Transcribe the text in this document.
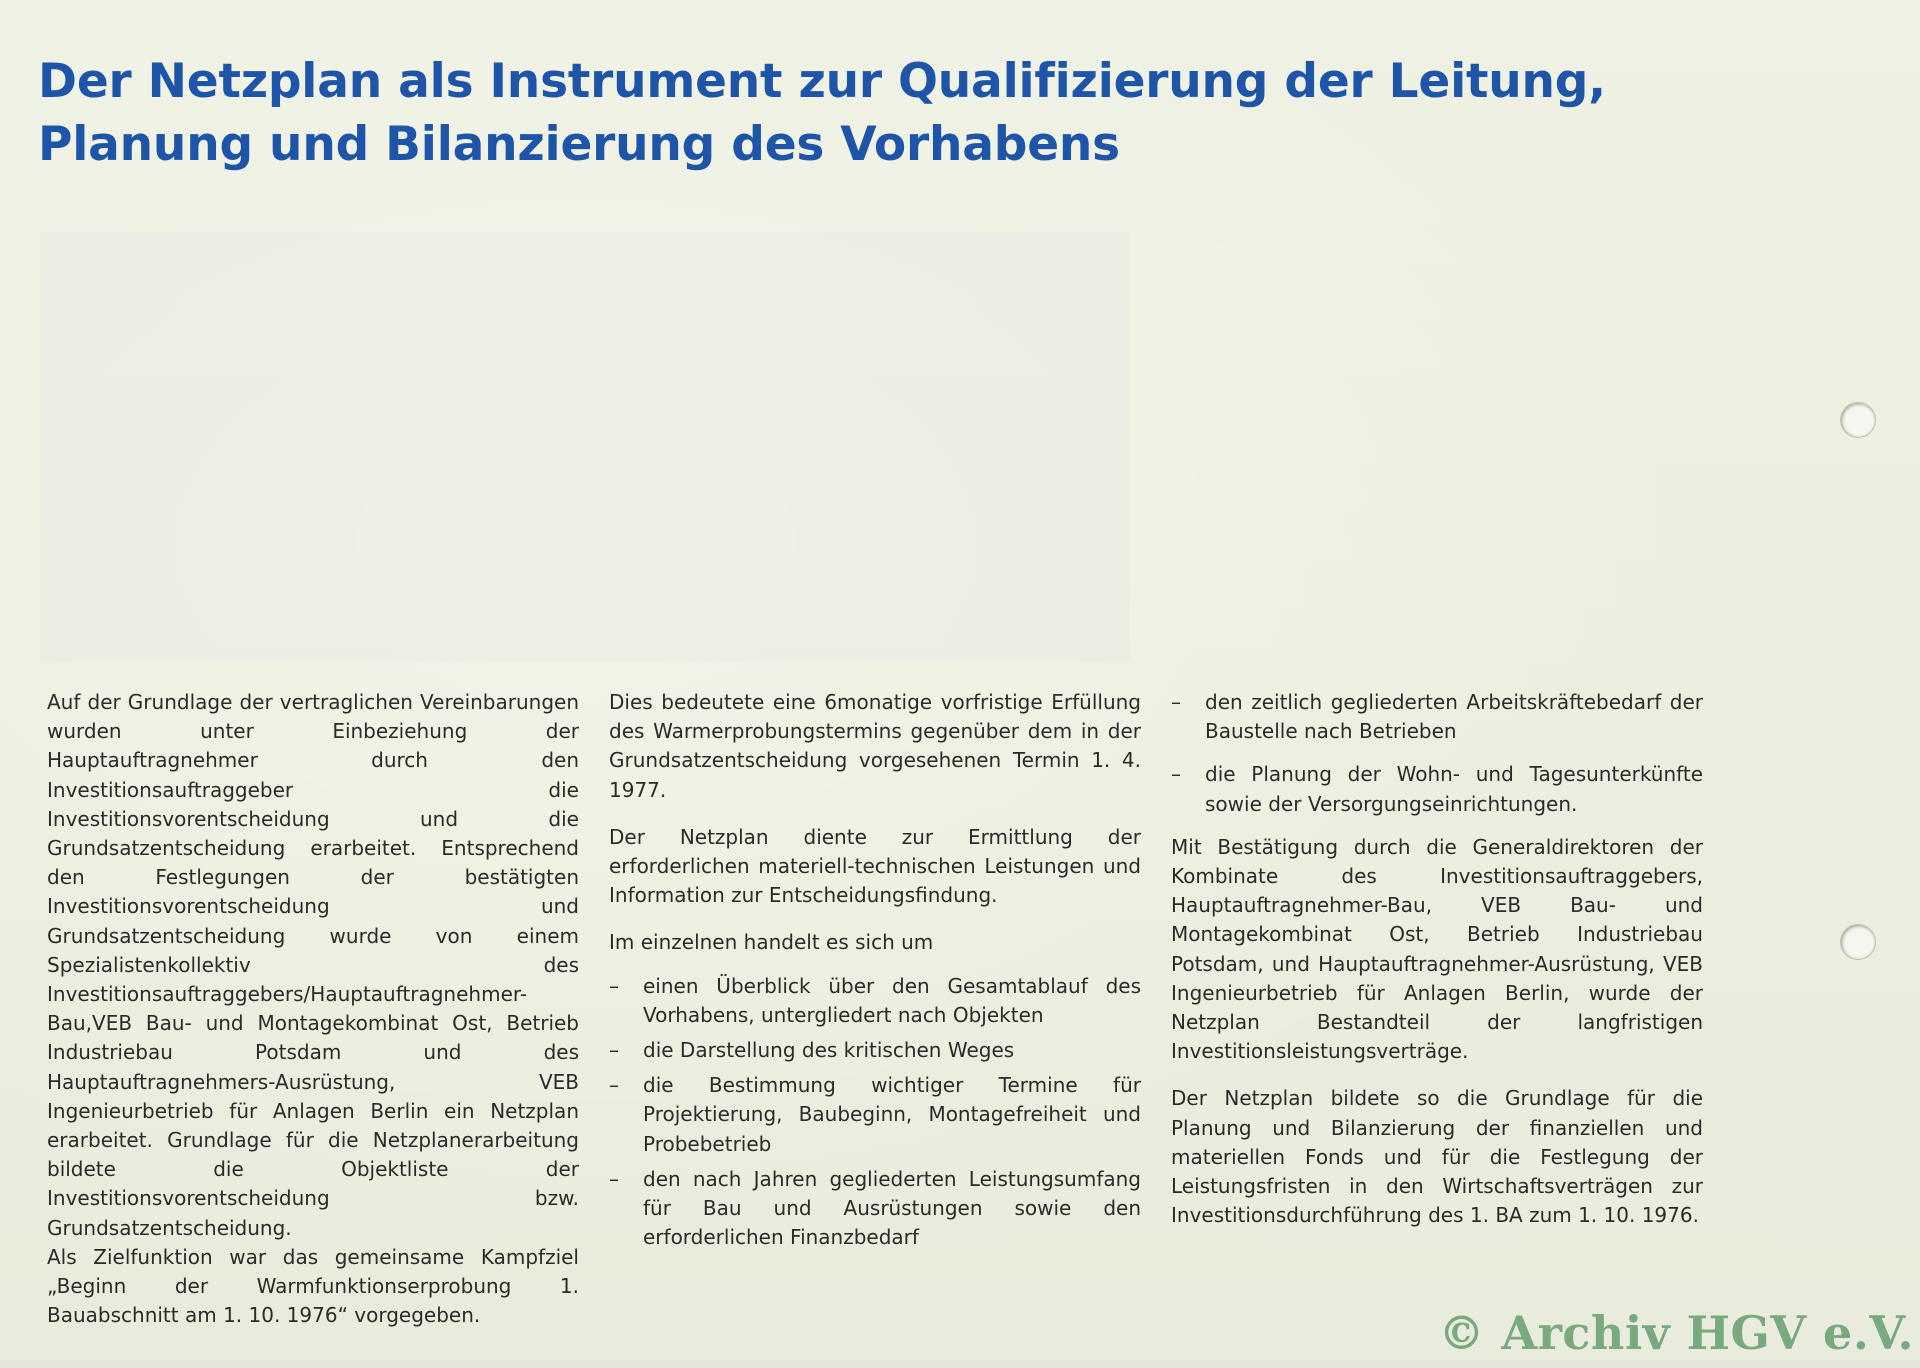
Der Netzplan als Instrument zur Qualifizierung der Leitung,
Planung und Bilanzierung des Vorhabens

Auf der Grundlage der vertraglichen Vereinbarungen wurden unter Einbeziehung der Hauptauftragnehmer durch den Investitionsauftraggeber die Investitionsvorentscheidung und die Grundsatzentscheidung erarbeitet. Entsprechend den Festlegungen der bestätigten Investitionsvorentscheidung und Grundsatzentscheidung wurde von einem Spezialistenkollektiv des Investitionsauftraggebers/Hauptauftragnehmer-Bau,VEB Bau- und Montagekombinat Ost, Betrieb Industriebau Potsdam und des Hauptauftragnehmers-Ausrüstung, VEB Ingenieurbetrieb für Anlagen Berlin ein Netzplan erarbeitet. Grundlage für die Netzplanerarbeitung bildete die Objektliste der Investitionsvorentscheidung bzw. Grundsatzentscheidung.

Als Zielfunktion war das gemeinsame Kampfziel „Beginn der Warmfunktionserprobung 1. Bauabschnitt am 1. 10. 1976“ vorgegeben.

Dies bedeutete eine 6monatige vorfristige Erfüllung des Warmerprobungstermins gegenüber dem in der Grundsatzentscheidung vorgesehenen Termin 1. 4. 1977.

Der Netzplan diente zur Ermittlung der erforderlichen materiell-technischen Leistungen und Information zur Entscheidungsfindung.

Im einzelnen handelt es sich um

– einen Überblick über den Gesamtablauf des Vorhabens, untergliedert nach Objekten
– die Darstellung des kritischen Weges
– die Bestimmung wichtiger Termine für Projektierung, Baubeginn, Montagefreiheit und Probebetrieb
– den nach Jahren gegliederten Leistungsumfang für Bau und Ausrüstungen sowie den erforderlichen Finanzbedarf
– den zeitlich gegliederten Arbeitskräftebedarf der Baustelle nach Betrieben
– die Planung der Wohn- und Tagesunterkünfte sowie der Versorgungseinrichtungen.

Mit Bestätigung durch die Generaldirektoren der Kombinate des Investitionsauftraggebers, Hauptauftragnehmer-Bau, VEB Bau- und Montagekombinat Ost, Betrieb Industriebau Potsdam, und Hauptauftragnehmer-Ausrüstung, VEB Ingenieurbetrieb für Anlagen Berlin, wurde der Netzplan Bestandteil der langfristigen Investitionsleistungsverträge.

Der Netzplan bildete so die Grundlage für die Planung und Bilanzierung der finanziellen und materiellen Fonds und für die Festlegung der Leistungsfristen in den Wirtschaftsverträgen zur Investitionsdurchführung des 1. BA zum 1. 10. 1976.

© Archiv HGV e.V.
